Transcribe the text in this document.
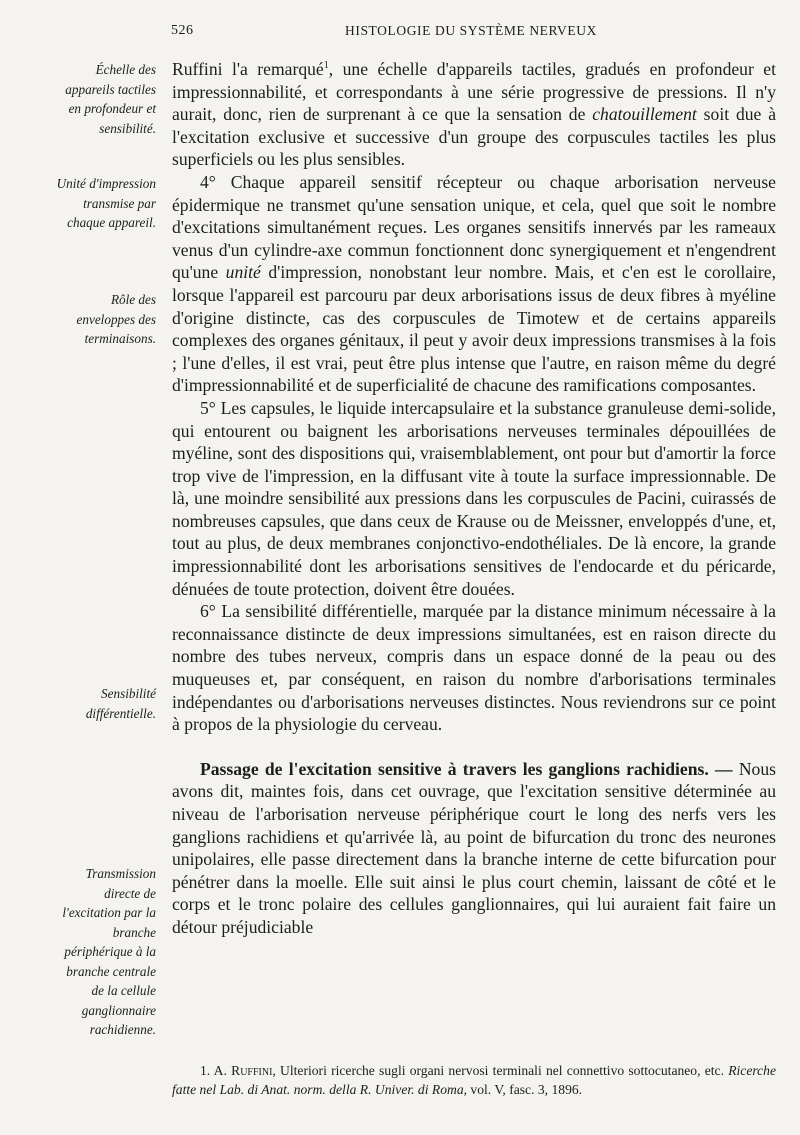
526	HISTOLOGIE DU SYSTÈME NERVEUX
Échelle des appareils tactiles en profondeur et sensibilité.
Unité d'impression transmise par chaque appareil.
Rôle des enveloppes des terminaisons.
Sensibilité différentielle.
Transmission directe de l'excitation par la branche périphérique à la branche centrale de la cellule ganglionnaire rachidienne.

Ruffini l'a remarqué$^1$, une échelle d'appareils tactiles, gradués en profondeur et impressionnabilité, et correspondants à une série progressive de pressions. Il n'y aurait, donc, rien de surprenant à ce que la sensation de chatouillement soit due à l'excitation exclusive et successive d'un groupe des corpuscules tactiles les plus superficiels ou les plus sensibles.

4° Chaque appareil sensitif récepteur ou chaque arborisation nerveuse épidermique ne transmet qu'une sensation unique, et cela, quel que soit le nombre d'excitations simultanément reçues. Les organes sensitifs innervés par les rameaux venus d'un cylindre-axe commun fonctionnent donc synergiquement et n'engendrent qu'une unité d'impression, nonobstant leur nombre. Mais, et c'en est le corollaire, lorsque l'appareil est parcouru par deux arborisations issus de deux fibres à myéline d'origine distincte, cas des corpuscules de Timotew et de certains appareils complexes des organes génitaux, il peut y avoir deux impressions transmises à la fois ; l'une d'elles, il est vrai, peut être plus intense que l'autre, en raison même du degré d'impressionnabilité et de superficialité de chacune des ramifications composantes.

5° Les capsules, le liquide intercapsulaire et la substance granuleuse demi-solide, qui entourent ou baignent les arborisations nerveuses terminales dépouillées de myéline, sont des dispositions qui, vraisemblablement, ont pour but d'amortir la force trop vive de l'impression, en la diffusant vite à toute la surface impressionnable. De là, une moindre sensibilité aux pressions dans les corpuscules de Pacini, cuirassés de nombreuses capsules, que dans ceux de Krause ou de Meissner, enveloppés d'une, et, tout au plus, de deux membranes conjonctivo-endothéliales. De là encore, la grande impressionnabilité dont les arborisations sensitives de l'endocarde et du péricarde, dénuées de toute protection, doivent être douées.

6° La sensibilité différentielle, marquée par la distance minimum nécessaire à la reconnaissance distincte de deux impressions simultanées, est en raison directe du nombre des tubes nerveux, compris dans un espace donné de la peau ou des muqueuses et, par conséquent, en raison du nombre d'arborisations terminales indépendantes ou d'arborisations nerveuses distinctes. Nous reviendrons sur ce point à propos de la physiologie du cerveau.

Passage de l'excitation sensitive à travers les ganglions rachidiens. — Nous avons dit, maintes fois, dans cet ouvrage, que l'excitation sensitive déterminée au niveau de l'arborisation nerveuse périphérique court le long des nerfs vers les ganglions rachidiens et qu'arrivée là, au point de bifurcation du tronc des neurones unipolaires, elle passe directement dans la branche interne de cette bifurcation pour pénétrer dans la moelle. Elle suit ainsi le plus court chemin, laissant de côté et le corps et le tronc polaire des cellules ganglionnaires, qui lui auraient fait faire un détour préjudiciable

1. A. Ruffini, Ulteriori ricerche sugli organi nervosi terminali nel connettivo sottocutaneo, etc. Ricerche fatte nel Lab. di Anat. norm. della R. Univer. di Roma, vol. V, fasc. 3, 1896.
